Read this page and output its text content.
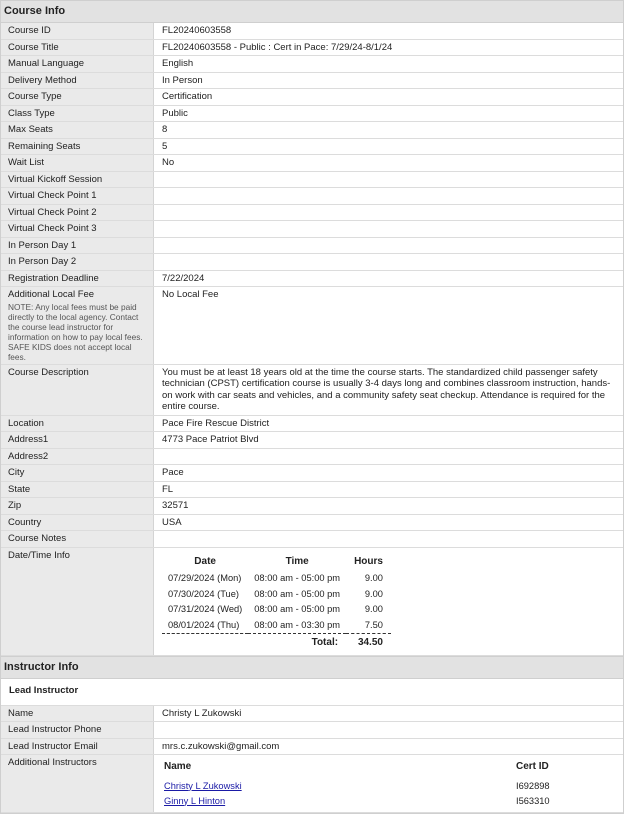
Course Info
Course ID	FL20240603558
Course Title	FL20240603558 - Public : Cert in Pace: 7/29/24-8/1/24
Manual Language	English
Delivery Method	In Person
Course Type	Certification
Class Type	Public
Max Seats	8
Remaining Seats	5
Wait List	No
Virtual Kickoff Session	
Virtual Check Point 1	
Virtual Check Point 2	
Virtual Check Point 3	
In Person Day 1	
In Person Day 2	
Registration Deadline	7/22/2024
Additional Local Fee
NOTE: Any local fees must be paid directly to the local agency. Contact the course lead instructor for information on how to pay local fees. SAFE KIDS does not accept local fees.
	No Local Fee
Course Description	You must be at least 18 years old at the time the course starts. The standardized child passenger safety technician (CPST) certification course is usually 3-4 days long and combines classroom instruction, hands-on work with car seats and vehicles, and a community safety seat checkup. Attendance is required for the entire course.
Location	Pace Fire Rescue District
Address1	4773 Pace Patriot Blvd
Address2	
City	Pace
State	FL
Zip	32571
Country	USA
Course Notes	
Date/Time Info	
Date	Time	Hours
07/29/2024 (Mon)	08:00 am - 05:00 pm	9.00
07/30/2024 (Tue)	08:00 am - 05:00 pm	9.00
07/31/2024 (Wed)	08:00 am - 05:00 pm	9.00
08/01/2024 (Thu)	08:00 am - 03:30 pm	7.50
	Total:	34.50
Instructor Info
Lead Instructor
Name	Christy L Zukowski
Lead Instructor Phone	
Lead Instructor Email	mrs.c.zukowski@gmail.com
Additional Instructors		Name	Cert ID
Christy L Zukowski	I692898
Ginny L Hinton	I563310
